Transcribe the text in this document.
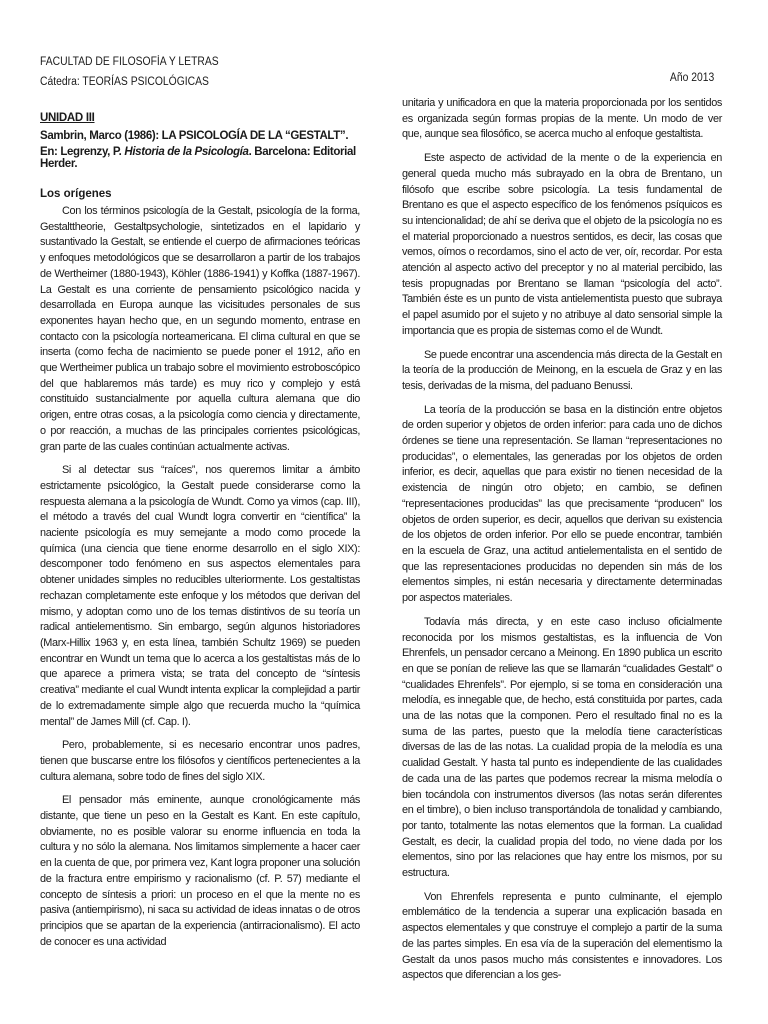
FACULTAD DE FILOSOFÍA Y LETRAS
Cátedra: TEORÍAS PSICOLÓGICAS	Año 2013
UNIDAD III
Sambrin, Marco (1986): LA PSICOLOGÍA DE LA “GESTALT”.
En: Legrenzy, P. Historia de la Psicología. Barcelona: Editorial Herder.
Los orígenes

Con los términos psicología de la Gestalt, psicología de la forma, Gestalttheorie, Gestaltpsychologie, sintetizados en el lapidario y sustantivado la Gestalt, se entiende el cuerpo de afirmaciones teóricas y enfoques metodológicos que se desarrollaron a partir de los trabajos de Wertheimer (1880-1943), Köhler (1886-1941) y Koffka (1887-1967). La Gestalt es una corriente de pensamiento psicológico nacida y desarrollada en Europa aunque las vicisitudes personales de sus exponentes hayan hecho que, en un segundo momento, entrase en contacto con la psicología norteamericana. El clima cultural en que se inserta (como fecha de nacimiento se puede poner el 1912, año en que Wertheimer publica un trabajo sobre el movimiento estroboscópico del que hablaremos más tarde) es muy rico y complejo y está constituido sustancialmente por aquella cultura alemana que dio origen, entre otras cosas, a la psicología como ciencia y directamente, o por reacción, a muchas de las principales corrientes psicológicas, gran parte de las cuales continúan actualmente activas.

Si al detectar sus “raíces”, nos queremos limitar a ámbito estrictamente psicológico, la Gestalt puede considerarse como la respuesta alemana a la psicología de Wundt. Como ya vimos (cap. III), el método a través del cual Wundt logra convertir en “científica” la naciente psicología es muy semejante a modo como procede la química (una ciencia que tiene enorme desarrollo en el siglo XIX): descomponer todo fenómeno en sus aspectos elementales para obtener unidades simples no reducibles ulteriormente. Los gestaltistas rechazan completamente este enfoque y los métodos que derivan del mismo, y adoptan como uno de los temas distintivos de su teoría un radical antielementismo. Sin embargo, según algunos historiadores (Marx-Hillix 1963 y, en esta línea, también Schultz 1969) se pueden encontrar en Wundt un tema que lo acerca a los gestaltistas más de lo que aparece a primera vista; se trata del concepto de “síntesis creativa” mediante el cual Wundt intenta explicar la complejidad a partir de lo extremadamente simple algo que recuerda mucho la “química mental” de James Mill (cf. Cap. I).

Pero, probablemente, si es necesario encontrar unos padres, tienen que buscarse entre los filósofos y científicos pertenecientes a la cultura alemana, sobre todo de fines del siglo XIX.

El pensador más eminente, aunque cronológicamente más distante, que tiene un peso en la Gestalt es Kant. En este capítulo, obviamente, no es posible valorar su enorme influencia en toda la cultura y no sólo la alemana. Nos limitamos simplemente a hacer caer en la cuenta de que, por primera vez, Kant logra proponer una solución de la fractura entre empirismo y racionalismo (cf. P. 57) mediante el concepto de síntesis a priori: un proceso en el que la mente no es pasiva (antiempirismo), ni saca su actividad de ideas innatas o de otros principios que se apartan de la experiencia (antirracionalismo). El acto de conocer es una actividad

unitaria y unificadora en que la materia proporcionada por los sentidos es organizada según formas propias de la mente. Un modo de ver que, aunque sea filosófico, se acerca mucho al enfoque gestaltista.

Este aspecto de actividad de la mente o de la experiencia en general queda mucho más subrayado en la obra de Brentano, un filósofo que escribe sobre psicología. La tesis fundamental de Brentano es que el aspecto específico de los fenómenos psíquicos es su intencionalidad; de ahí se deriva que el objeto de la psicología no es el material proporcionado a nuestros sentidos, es decir, las cosas que vemos, oímos o recordamos, sino el acto de ver, oír, recordar. Por esta atención al aspecto activo del preceptor y no al material percibido, las tesis propugnadas por Brentano se llaman “psicología del acto”. También éste es un punto de vista antielementista puesto que subraya el papel asumido por el sujeto y no atribuye al dato sensorial simple la importancia que es propia de sistemas como el de Wundt.

Se puede encontrar una ascendencia más directa de la Gestalt en la teoría de la producción de Meinong, en la escuela de Graz y en las tesis, derivadas de la misma, del paduano Benussi.

La teoría de la producción se basa en la distinción entre objetos de orden superior y objetos de orden inferior: para cada uno de dichos órdenes se tiene una representación. Se llaman “representaciones no producidas”, o elementales, las generadas por los objetos de orden inferior, es decir, aquellas que para existir no tienen necesidad de la existencia de ningún otro objeto; en cambio, se definen “representaciones producidas” las que precisamente “producen” los objetos de orden superior, es decir, aquellos que derivan su existencia de los objetos de orden inferior. Por ello se puede encontrar, también en la escuela de Graz, una actitud antielementalista en el sentido de que las representaciones producidas no dependen sin más de los elementos simples, ni están necesaria y directamente determinadas por aspectos materiales.

Todavía más directa, y en este caso incluso oficialmente reconocida por los mismos gestaltistas, es la influencia de Von Ehrenfels, un pensador cercano a Meinong. En 1890 publica un escrito en que se ponían de relieve las que se llamarán “cualidades Gestalt” o “cualidades Ehrenfels”. Por ejemplo, si se toma en consideración una melodía, es innegable que, de hecho, está constituida por partes, cada una de las notas que la componen. Pero el resultado final no es la suma de las partes, puesto que la melodía tiene características diversas de las de las notas. La cualidad propia de la melodía es una cualidad Gestalt. Y hasta tal punto es independiente de las cualidades de cada una de las partes que podemos recrear la misma melodía o bien tocándola con instrumentos diversos (las notas serán diferentes en el timbre), o bien incluso transportándola de tonalidad y cambiando, por tanto, totalmente las notas elementos que la forman. La cualidad Gestalt, es decir, la cualidad propia del todo, no viene dada por los elementos, sino por las relaciones que hay entre los mismos, por su estructura.

Von Ehrenfels representa e punto culminante, el ejemplo emblemático de la tendencia a superar una explicación basada en aspectos elementales y que construye el complejo a partir de la suma de las partes simples. En esa vía de la superación del elementismo la Gestalt da unos pasos mucho más consistentes e innovadores. Los aspectos que diferencian a los ges-
